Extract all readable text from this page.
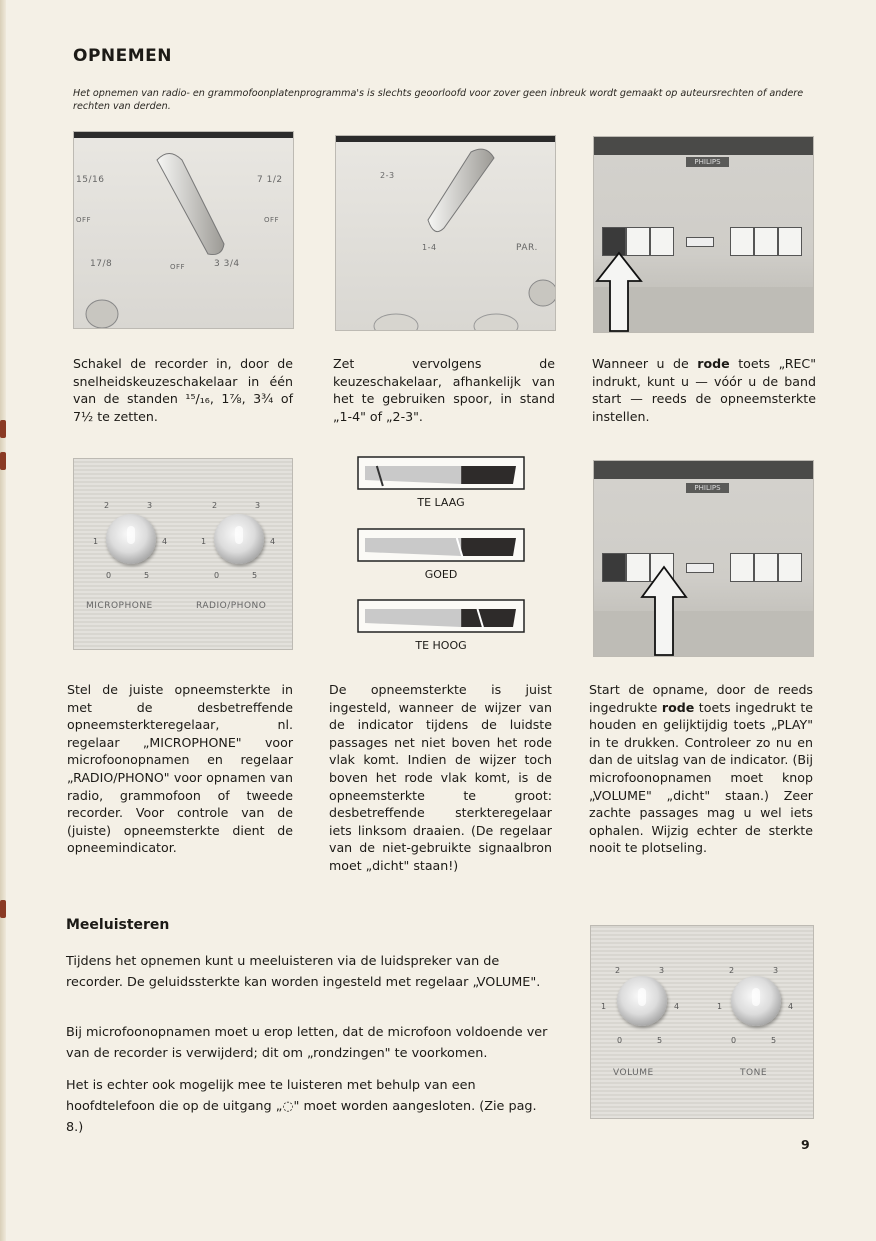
OPNEMEN

Het opnemen van radio- en grammofoonplatenprogramma's is slechts geoorloofd voor zover geen inbreuk wordt gemaakt op auteursrechten of andere rechten van derden.

15/16	7 1/2
OFF	OFF
17/8	OFF	3 3/4
2-3
1-4	PAR.
PHILIPS

Schakel de recorder in, door de snelheidskeuzeschakelaar in één van de standen ¹⁵/₁₆, 1⅞, 3¾ of 7½ te zetten.

Zet vervolgens de keuzeschakelaar, afhankelijk van het te gebruiken spoor, in stand „1-4" of „2-3".

Wanneer u de rode toets „REC" indrukt, kunt u — vóór u de band start — reeds de opneemsterkte instellen.

1
2	3
4
0	5
1
2	3
4
0	5
MICROPHONE	RADIO/PHONO
TE LAAG
GOED
TE HOOG
PHILIPS

Stel de juiste opneemsterkte in met de desbetreffende opneemsterkteregelaar, nl. regelaar „MICROPHONE" voor microfoonopnamen en regelaar „RADIO/PHONO" voor opnamen van radio, grammofoon of tweede recorder. Voor controle van de (juiste) opneemsterkte dient de opneemindicator.

De opneemsterkte is juist ingesteld, wanneer de wijzer van de indicator tijdens de luidste passages net niet boven het rode vlak komt. Indien de wijzer toch boven het rode vlak komt, is de opneemsterkte te groot: desbetreffende sterkteregelaar iets linksom draaien. (De regelaar van de niet-gebruikte signaalbron moet „dicht" staan!)

Start de opname, door de reeds ingedrukte rode toets ingedrukt te houden en gelijktijdig toets „PLAY" in te drukken. Controleer zo nu en dan de uitslag van de indicator. (Bij microfoonopnamen moet knop „VOLUME" „dicht" staan.) Zeer zachte passages mag u wel iets ophalen. Wijzig echter de sterkte nooit te plotseling.

Meeluisteren

Tijdens het opnemen kunt u meeluisteren via de luidspreker van de recorder. De geluidssterkte kan worden ingesteld met regelaar „VOLUME".

Bij microfoonopnamen moet u erop letten, dat de microfoon voldoende ver van de recorder is verwijderd; dit om „rondzingen" te voorkomen.

Het is echter ook mogelijk mee te luisteren met behulp van een hoofdtelefoon die op de uitgang „◌" moet worden aangesloten. (Zie pag. 8.)

1
2	3
4
0	5
1
2	3
4
0	5
VOLUME	TONE
9
